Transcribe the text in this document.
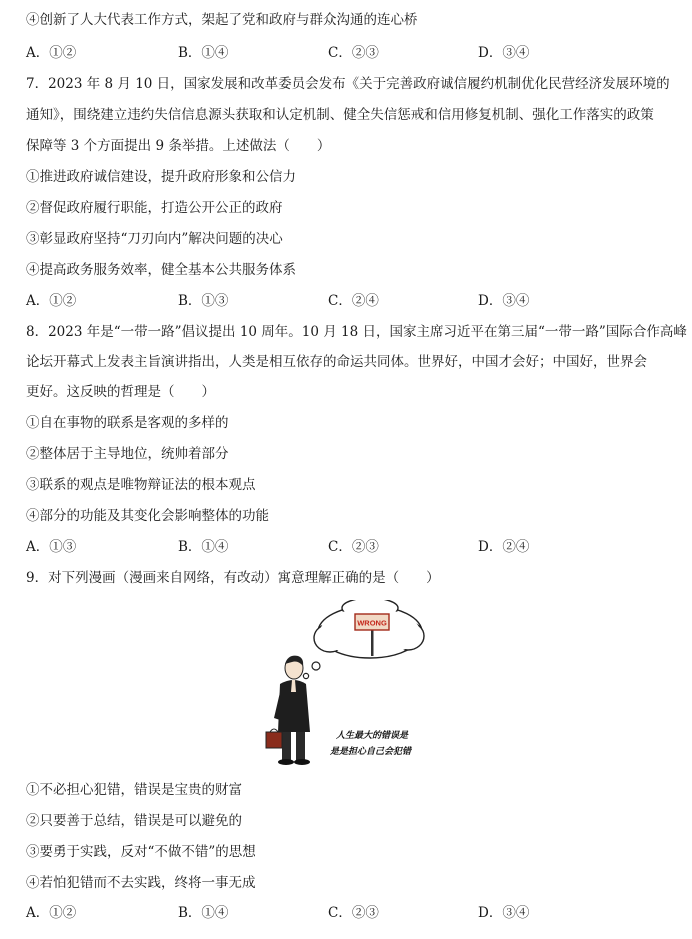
④创新了人大代表工作方式，架起了党和政府与群众沟通的连心桥
A．①②	B．①④	C．②③	D．③④
7．2023 年 8 月 10 日，国家发展和改革委员会发布《关于完善政府诚信履约机制优化民营经济发展环境的
通知》，围绕建立违约失信信息源头获取和认定机制、健全失信惩戒和信用修复机制、强化工作落实的政策
保障等 3 个方面提出 9 条举措。上述做法（　　）
①推进政府诚信建设，提升政府形象和公信力
②督促政府履行职能，打造公开公正的政府
③彰显政府坚持“刀刃向内”解决问题的决心
④提高政务服务效率，健全基本公共服务体系
A．①②	B．①③	C．②④	D．③④
8．2023 年是“一带一路”倡议提出 10 周年。10 月 18 日，国家主席习近平在第三届“一带一路”国际合作高峰
论坛开幕式上发表主旨演讲指出，人类是相互依存的命运共同体。世界好，中国才会好；中国好，世界会
更好。这反映的哲理是（　　）
①自在事物的联系是客观的多样的
②整体居于主导地位，统帅着部分
③联系的观点是唯物辩证法的根本观点
④部分的功能及其变化会影响整体的功能
A．①③	B．①④	C．②③	D．②④
9．对下列漫画（漫画来自网络，有改动）寓意理解正确的是（　　）
WRONG
人生最大的错误是
是是担心自己会犯错
①不必担心犯错，错误是宝贵的财富
②只要善于总结，错误是可以避免的
③要勇于实践，反对“不做不错”的思想
④若怕犯错而不去实践，终将一事无成
A．①②	B．①④	C．②③	D．③④
